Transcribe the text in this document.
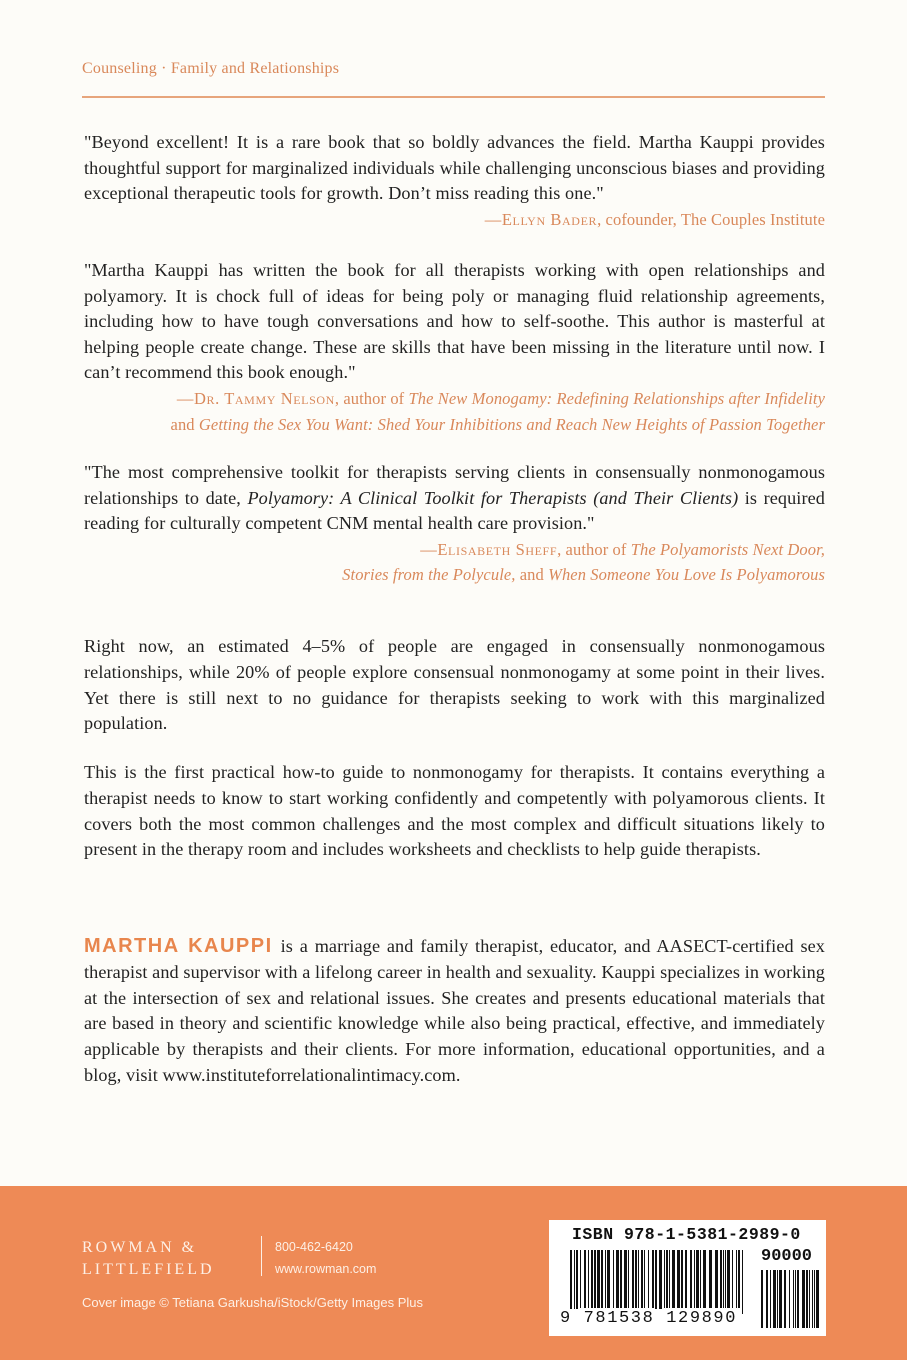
Counseling · Family and Relationships

"Beyond excellent! It is a rare book that so boldly advances the field. Martha Kauppi provides thoughtful support for marginalized individuals while challenging unconscious biases and providing exceptional therapeutic tools for growth. Don’t miss reading this one."
—Ellyn Bader, cofounder, The Couples Institute

"Martha Kauppi has written the book for all therapists working with open relationships and polyamory. It is chock full of ideas for being poly or managing fluid relationship agreements, including how to have tough conversations and how to self-soothe. This author is masterful at helping people create change. These are skills that have been missing in the literature until now. I can’t recommend this book enough."

—Dr. Tammy Nelson, author of The New Monogamy: Redefining Relationships after Infidelity
and Getting the Sex You Want: Shed Your Inhibitions and Reach New Heights of Passion Together

"The most comprehensive toolkit for therapists serving clients in consensually nonmonogamous relationships to date, Polyamory: A Clinical Toolkit for Therapists (and Their Clients) is required reading for culturally competent CNM mental health care provision."

—Elisabeth Sheff, author of The Polyamorists Next Door,
Stories from the Polycule, and When Someone You Love Is Polyamorous

Right now, an estimated 4–5% of people are engaged in consensually nonmonogamous relationships, while 20% of people explore consensual nonmonogamy at some point in their lives. Yet there is still next to no guidance for therapists seeking to work with this marginalized population.

This is the first practical how-to guide to nonmonogamy for therapists. It contains everything a therapist needs to know to start working confidently and competently with polyamorous clients. It covers both the most common challenges and the most complex and difficult situations likely to present in the therapy room and includes worksheets and checklists to help guide therapists.

MARTHA KAUPPI is a marriage and family therapist, educator, and AASECT-certified sex therapist and supervisor with a lifelong career in health and sexuality. Kauppi specializes in working at the intersection of sex and relational issues. She creates and presents educational materials that are based in theory and scientific knowledge while also being practical, effective, and immediately applicable by therapists and their clients. For more information, educational opportunities, and a blog, visit www.instituteforrelationalintimacy.com.

ROWMAN &
LITTLEFIELD
800-462-6420
www.rowman.com
Cover image © Tetiana Garkusha/iStock/Getty Images Plus
ISBN 978-1-5381-2989-0
90000
9 781538 129890
